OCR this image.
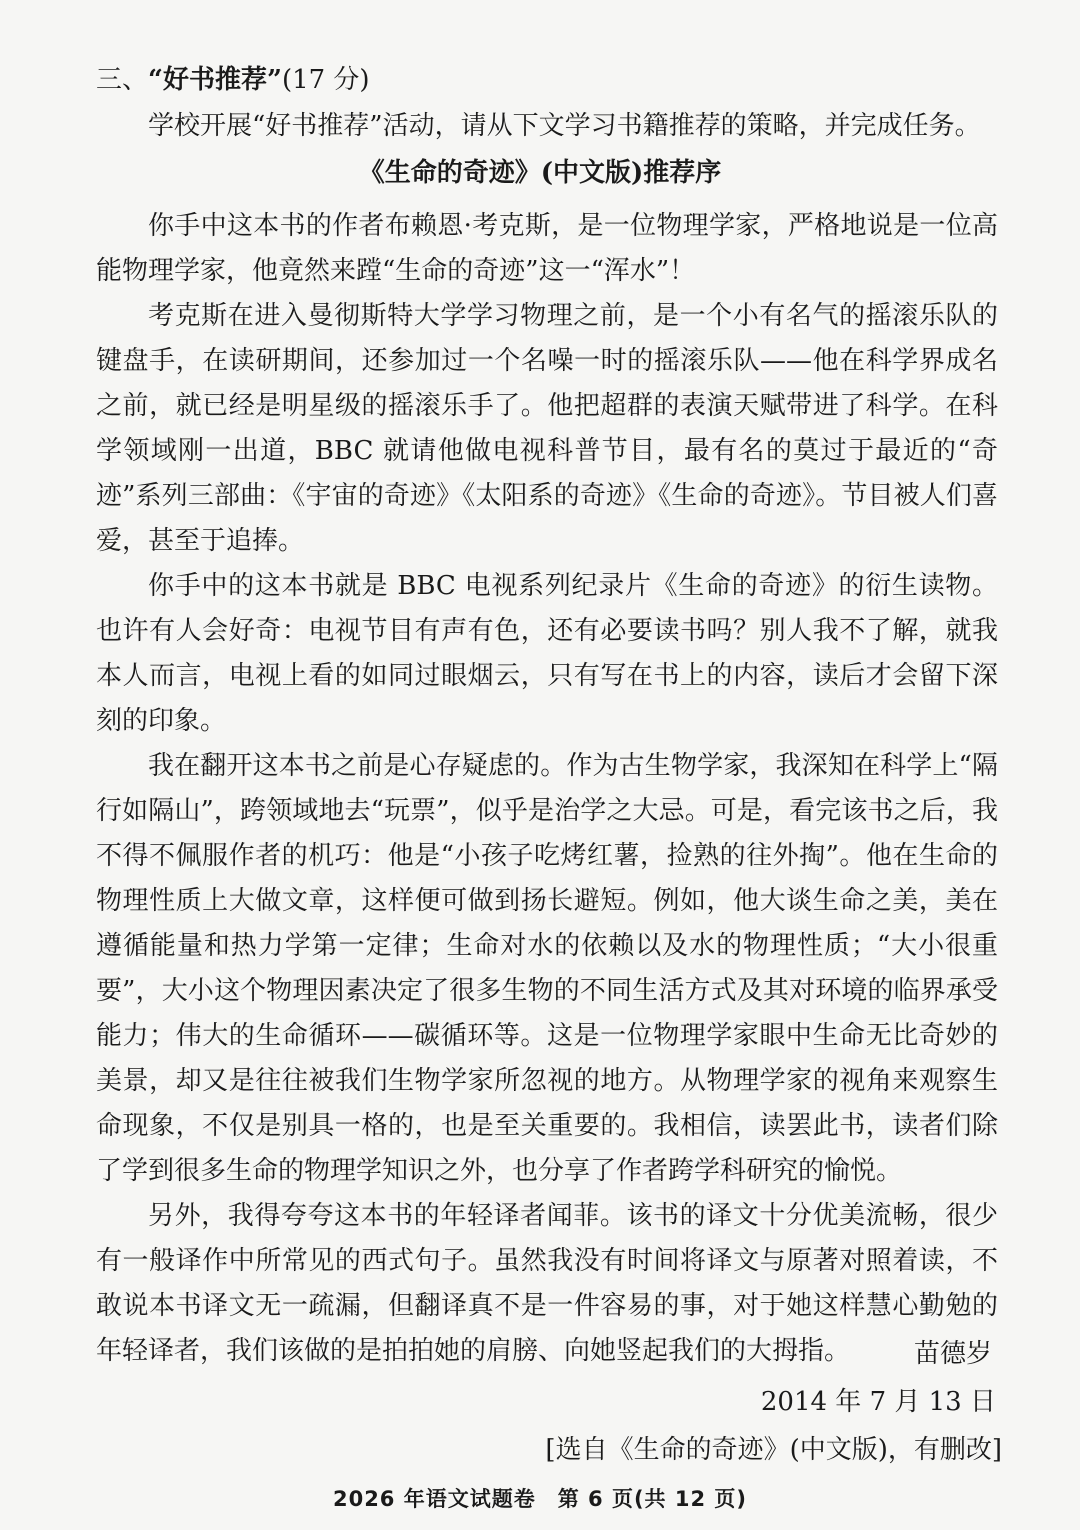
三、“好书推荐”(17 分)
学校开展“好书推荐”活动，请从下文学习书籍推荐的策略，并完成任务。
《生命的奇迹》(中文版)推荐序

你手中这本书的作者布赖恩·考克斯，是一位物理学家，严格地说是一位高能物理学家，他竟然来蹚“生命的奇迹”这一“浑水”！

考克斯在进入曼彻斯特大学学习物理之前，是一个小有名气的摇滚乐队的键盘手，在读研期间，还参加过一个名噪一时的摇滚乐队——他在科学界成名之前，就已经是明星级的摇滚乐手了。他把超群的表演天赋带进了科学。在科学领域刚一出道，BBC 就请他做电视科普节目，最有名的莫过于最近的“奇迹”系列三部曲：《宇宙的奇迹》《太阳系的奇迹》《生命的奇迹》。节目被人们喜爱，甚至于追捧。

你手中的这本书就是 BBC 电视系列纪录片《生命的奇迹》的衍生读物。也许有人会好奇：电视节目有声有色，还有必要读书吗？别人我不了解，就我本人而言，电视上看的如同过眼烟云，只有写在书上的内容，读后才会留下深刻的印象。

我在翻开这本书之前是心存疑虑的。作为古生物学家，我深知在科学上“隔行如隔山”，跨领域地去“玩票”，似乎是治学之大忌。可是，看完该书之后，我不得不佩服作者的机巧：他是“小孩子吃烤红薯，捡熟的往外掏”。他在生命的物理性质上大做文章，这样便可做到扬长避短。例如，他大谈生命之美，美在遵循能量和热力学第一定律；生命对水的依赖以及水的物理性质；“大小很重要”，大小这个物理因素决定了很多生物的不同生活方式及其对环境的临界承受能力；伟大的生命循环——碳循环等。这是一位物理学家眼中生命无比奇妙的美景，却又是往往被我们生物学家所忽视的地方。从物理学家的视角来观察生命现象，不仅是别具一格的，也是至关重要的。我相信，读罢此书，读者们除了学到很多生命的物理学知识之外，也分享了作者跨学科研究的愉悦。

另外，我得夸夸这本书的年轻译者闻菲。该书的译文十分优美流畅，很少有一般译作中所常见的西式句子。虽然我没有时间将译文与原著对照着读，不敢说本书译文无一疏漏，但翻译真不是一件容易的事，对于她这样慧心勤勉的年轻译者，我们该做的是拍拍她的肩膀、向她竖起我们的大拇指。	苗德岁
2014 年 7 月 13 日
[选自《生命的奇迹》(中文版)，有删改]
2026 年语文试题卷　第 6 页(共 12 页)
